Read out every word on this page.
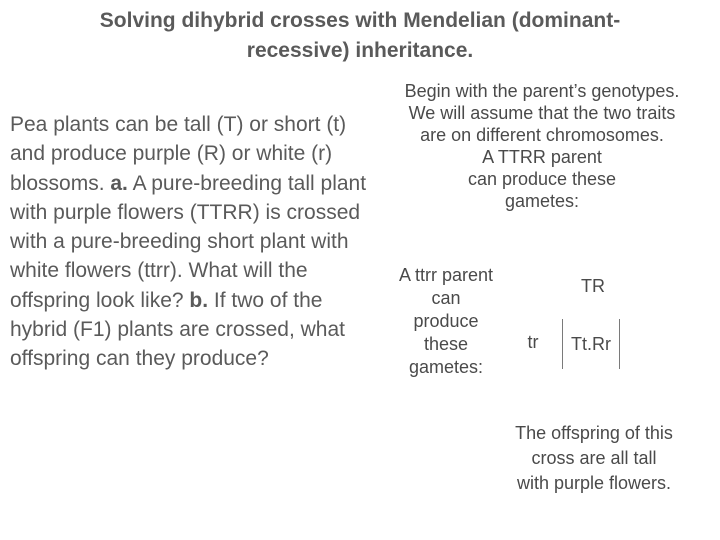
Solving dihybrid crosses with Mendelian (dominant-
recessive) inheritance.
Pea plants can be tall (T) or short (t) and produce purple (R) or white (r) blossoms. a. A pure-breeding tall plant with purple flowers (TTRR) is crossed with a pure-breeding short plant with white flowers (ttrr). What will the offspring look like? b. If two of the hybrid (F1) plants are crossed, what offspring can they produce?
Begin with the parent’s genotypes.
We will assume that the two traits
are on different chromosomes.
A TTRR parent
can produce these
gametes:
A ttrr parent
can
produce
these
gametes:
TR
tr	Tt.Rr
The offspring of this
cross are all tall
with purple flowers.
